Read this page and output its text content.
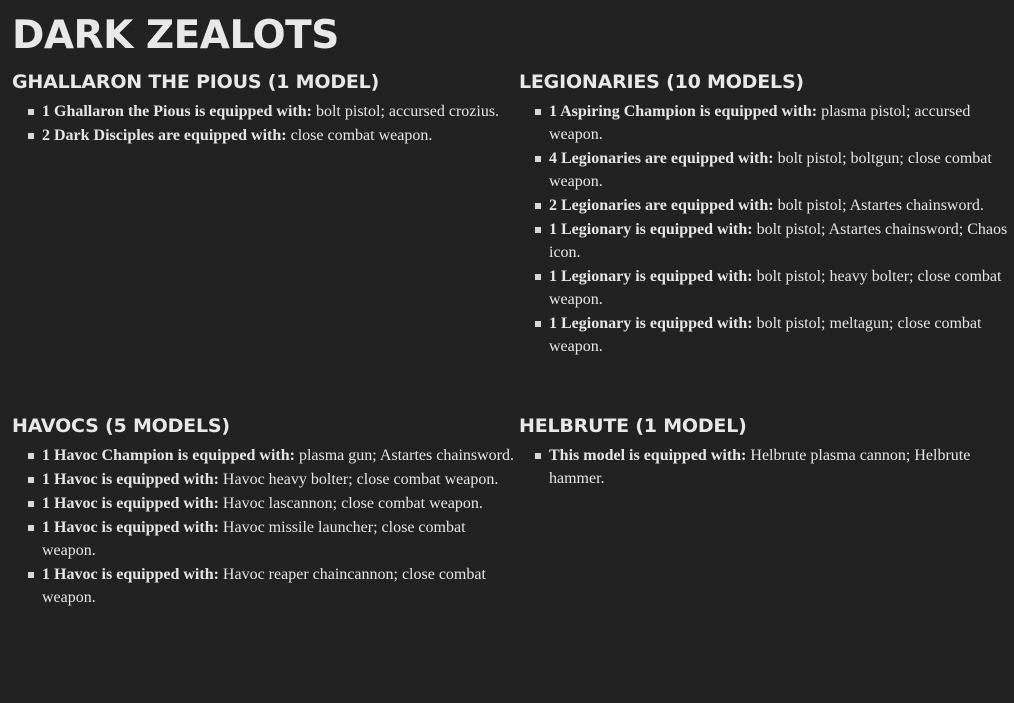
DARK ZEALOTS
GHALLARON THE PIOUS (1 MODEL)
1 Ghallaron the Pious is equipped with: bolt pistol; accursed crozius.
2 Dark Disciples are equipped with: close combat weapon.
LEGIONARIES (10 MODELS)
1 Aspiring Champion is equipped with: plasma pistol; accursed weapon.
4 Legionaries are equipped with: bolt pistol; boltgun; close combat weapon.
2 Legionaries are equipped with: bolt pistol; Astartes chainsword.
1 Legionary is equipped with: bolt pistol; Astartes chainsword; Chaos icon.
1 Legionary is equipped with: bolt pistol; heavy bolter; close combat weapon.
1 Legionary is equipped with: bolt pistol; meltagun; close combat weapon.
HAVOCS (5 MODELS)
1 Havoc Champion is equipped with: plasma gun; Astartes chainsword.
1 Havoc is equipped with: Havoc heavy bolter; close combat weapon.
1 Havoc is equipped with: Havoc lascannon; close combat weapon.
1 Havoc is equipped with: Havoc missile launcher; close combat weapon.
1 Havoc is equipped with: Havoc reaper chaincannon; close combat weapon.
HELBRUTE (1 MODEL)
This model is equipped with: Helbrute plasma cannon; Helbrute hammer.
